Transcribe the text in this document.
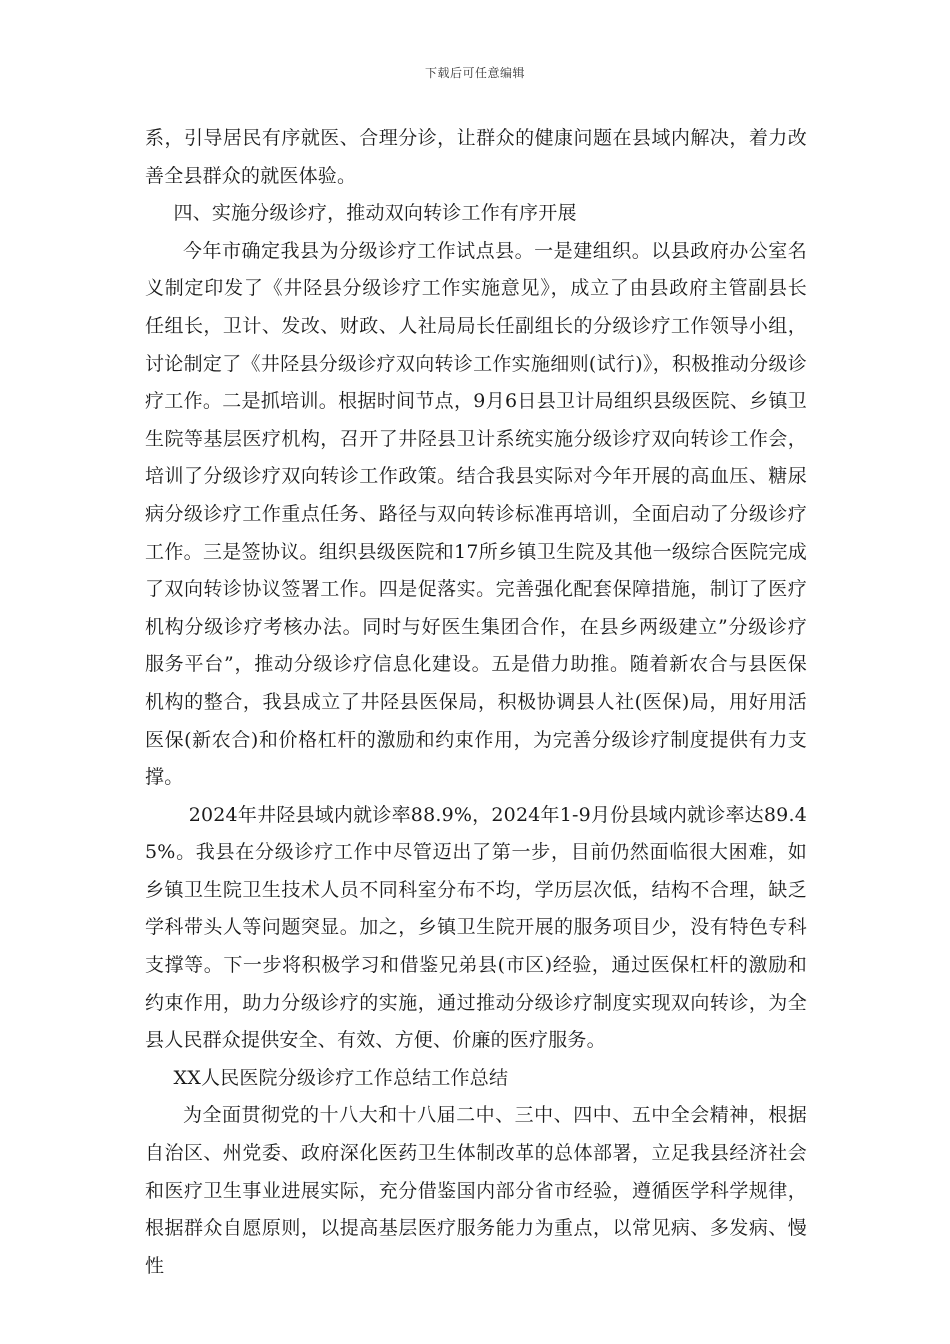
下载后可任意编辑

系，引导居民有序就医、合理分诊，让群众的健康问题在县域内解决，着力改善全县群众的就医体验。

四、实施分级诊疗，推动双向转诊工作有序开展

今年市确定我县为分级诊疗工作试点县。一是建组织。以县政府办公室名义制定印发了《井陉县分级诊疗工作实施意见》，成立了由县政府主管副县长任组长，卫计、发改、财政、人社局局长任副组长的分级诊疗工作领导小组，讨论制定了《井陉县分级诊疗双向转诊工作实施细则(试行)》，积极推动分级诊疗工作。二是抓培训。根据时间节点，9月6日县卫计局组织县级医院、乡镇卫生院等基层医疗机构，召开了井陉县卫计系统实施分级诊疗双向转诊工作会，培训了分级诊疗双向转诊工作政策。结合我县实际对今年开展的高血压、糖尿病分级诊疗工作重点任务、路径与双向转诊标准再培训，全面启动了分级诊疗工作。三是签协议。组织县级医院和17所乡镇卫生院及其他一级综合医院完成了双向转诊协议签署工作。四是促落实。完善强化配套保障措施，制订了医疗机构分级诊疗考核办法。同时与好医生集团合作，在县乡两级建立”分级诊疗服务平台”，推动分级诊疗信息化建设。五是借力助推。随着新农合与县医保机构的整合，我县成立了井陉县医保局，积极协调县人社(医保)局，用好用活医保(新农合)和价格杠杆的激励和约束作用，为完善分级诊疗制度提供有力支撑。

2024年井陉县域内就诊率88.9%，2024年1-9月份县域内就诊率达89.45%。我县在分级诊疗工作中尽管迈出了第一步，目前仍然面临很大困难，如乡镇卫生院卫生技术人员不同科室分布不均，学历层次低，结构不合理，缺乏学科带头人等问题突显。加之，乡镇卫生院开展的服务项目少，没有特色专科支撑等。下一步将积极学习和借鉴兄弟县(市区)经验，通过医保杠杆的激励和约束作用，助力分级诊疗的实施，通过推动分级诊疗制度实现双向转诊，为全县人民群众提供安全、有效、方便、价廉的医疗服务。

XX人民医院分级诊疗工作总结工作总结

为全面贯彻党的十八大和十八届二中、三中、四中、五中全会精神，根据自治区、州党委、政府深化医药卫生体制改革的总体部署，立足我县经济社会和医疗卫生事业进展实际，充分借鉴国内部分省市经验，遵循医学科学规律，根据群众自愿原则，以提高基层医疗服务能力为重点，以常见病、多发病、慢性
